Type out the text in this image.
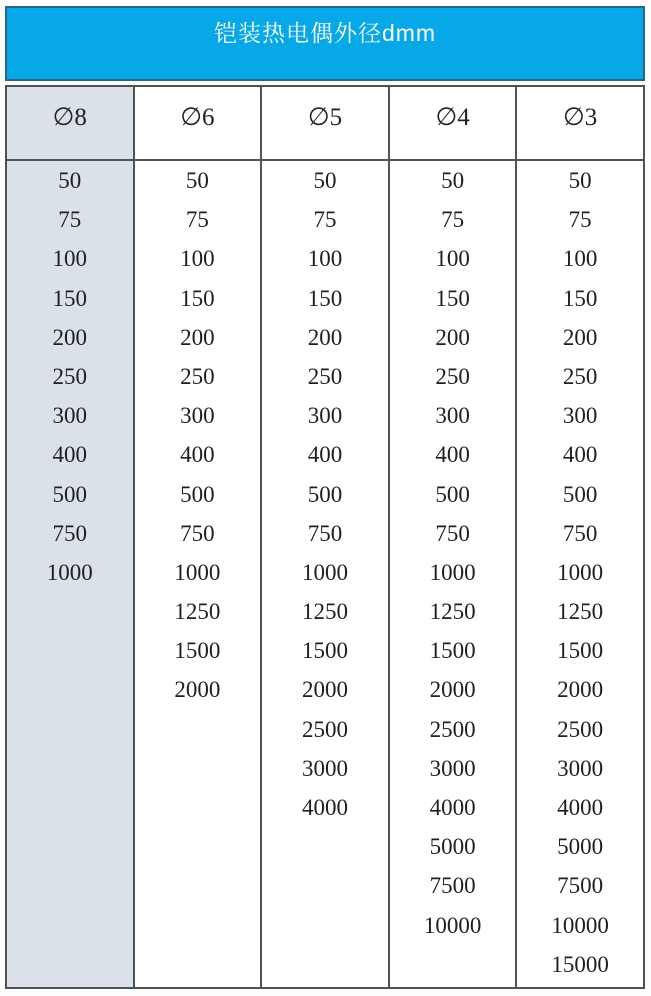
铠装热电偶外径dmm
∅8
50
75
100
150
200
250
300
400
500
750
1000
∅6
50
75
100
150
200
250
300
400
500
750
1000
1250
1500
2000
∅5
50
75
100
150
200
250
300
400
500
750
1000
1250
1500
2000
2500
3000
4000
∅4
50
75
100
150
200
250
300
400
500
750
1000
1250
1500
2000
2500
3000
4000
5000
7500
10000
∅3
50
75
100
150
200
250
300
400
500
750
1000
1250
1500
2000
2500
3000
4000
5000
7500
10000
15000
